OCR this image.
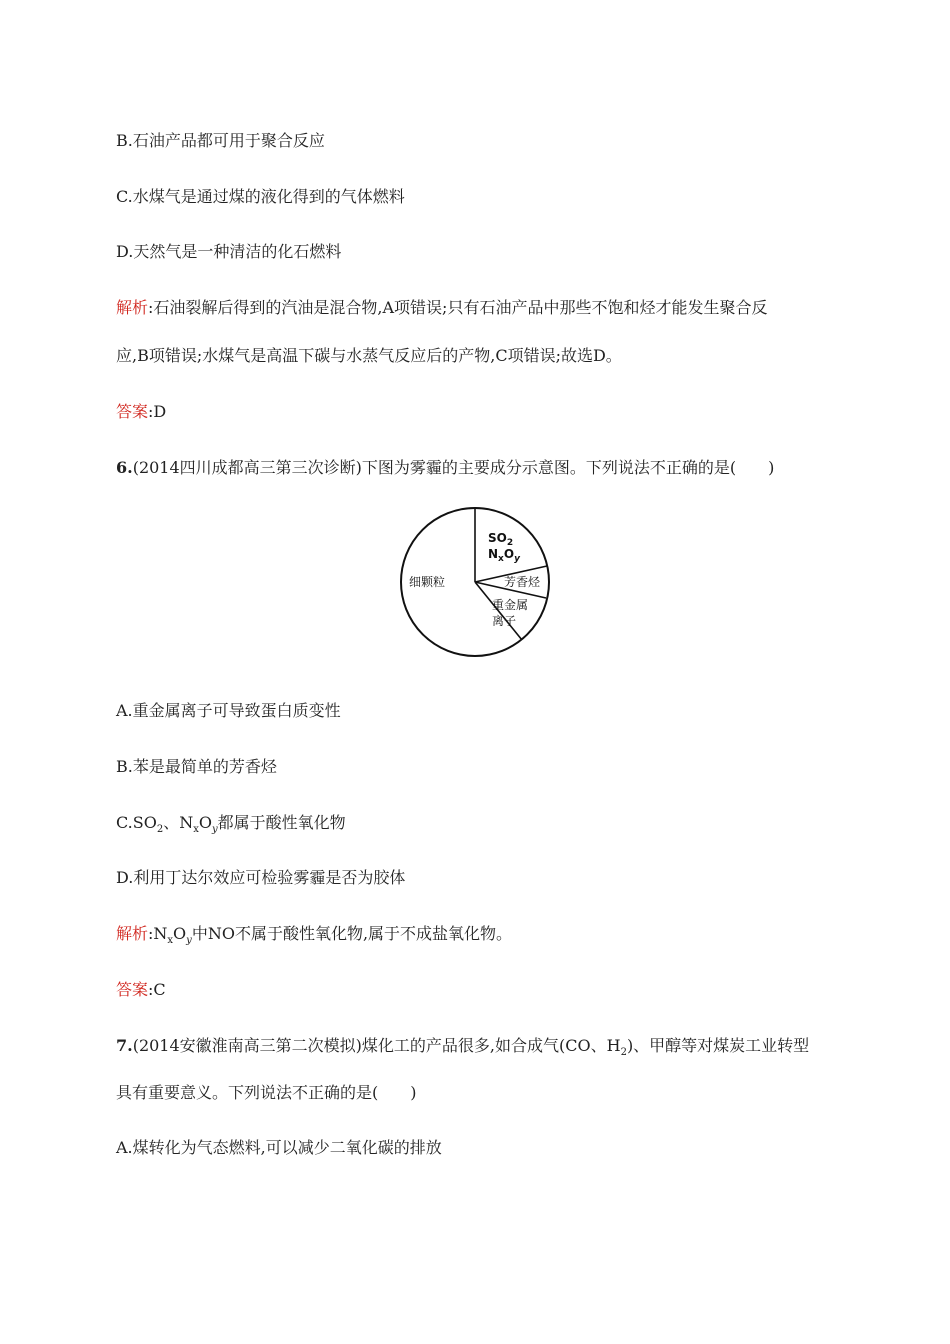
B.石油产品都可用于聚合反应
C.水煤气是通过煤的液化得到的气体燃料
D.天然气是一种清洁的化石燃料
解析:石油裂解后得到的汽油是混合物,A项错误;只有石油产品中那些不饱和烃才能发生聚合反
应,B项错误;水煤气是高温下碳与水蒸气反应后的产物,C项错误;故选D。
答案:D
6.(2014四川成都高三第三次诊断)下图为雾霾的主要成分示意图。下列说法不正确的是(　　)
细颗粒
$SO_2$
$N_xO_y$
芳香烃
重金属
离子
A.重金属离子可导致蛋白质变性
B.苯是最简单的芳香烃
$C.SO_2$、$N_xO_y$都属于酸性氧化物
D.利用丁达尔效应可检验雾霾是否为胶体
解析$:N_xO_y$中NO不属于酸性氧化物,属于不成盐氧化物。
答案:C
7.(2014安徽淮南高三第二次模拟)煤化工的产品很多,如合成气(CO、$H_2$)、甲醇等对煤炭工业转型
具有重要意义。下列说法不正确的是(　　)
A.煤转化为气态燃料,可以减少二氧化碳的排放
